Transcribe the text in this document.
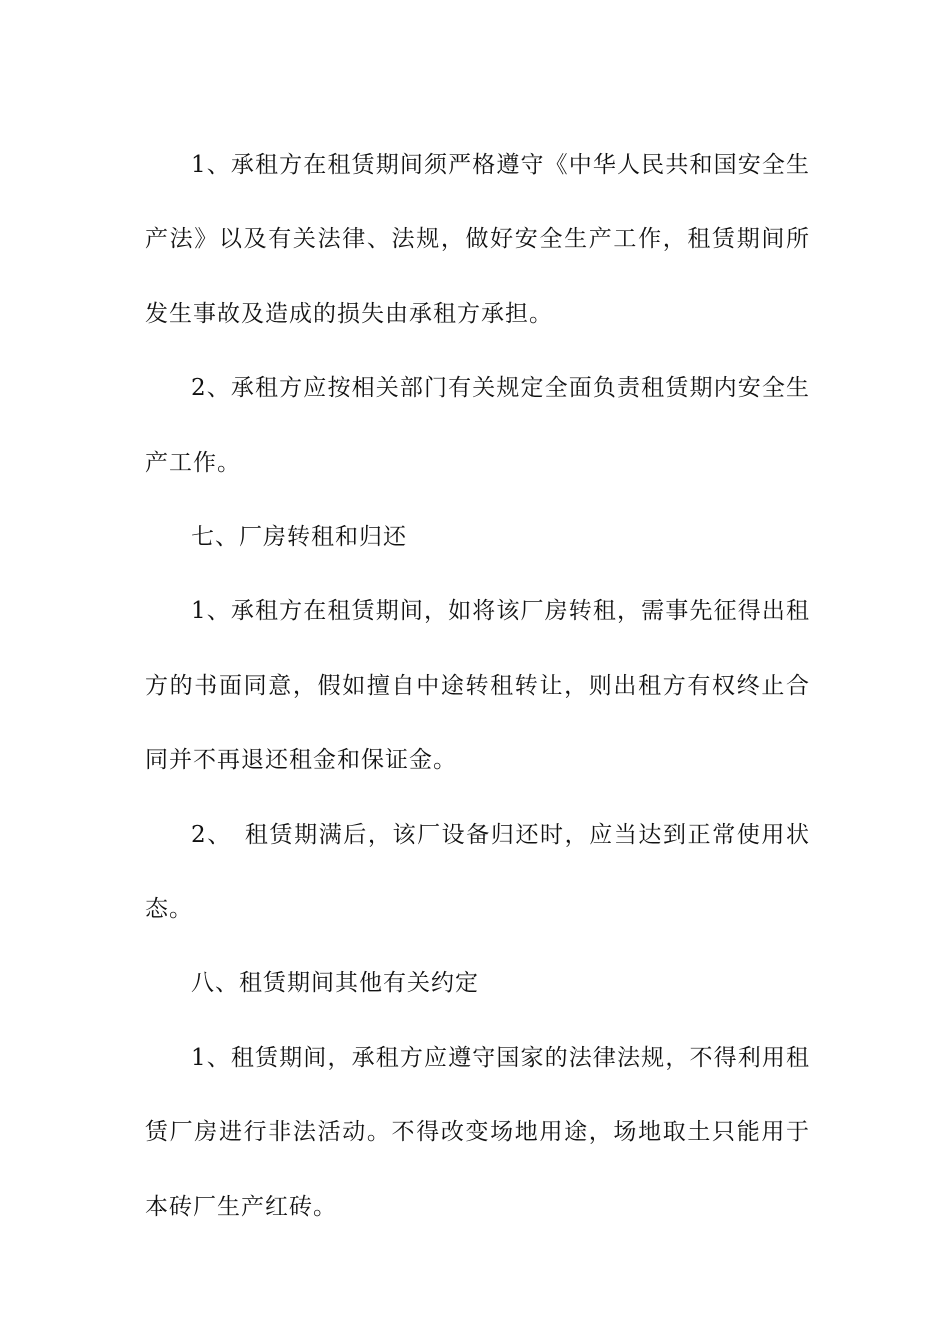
1、承租方在租赁期间须严格遵守《中华人民共和国安全生产法》以及有关法律、法规，做好安全生产工作，租赁期间所发生事故及造成的损失由承租方承担。

2、承租方应按相关部门有关规定全面负责租赁期内安全生产工作。

七、厂房转租和归还

1、承租方在租赁期间，如将该厂房转租，需事先征得出租方的书面同意，假如擅自中途转租转让，则出租方有权终止合同并不再退还租金和保证金。

2、　租赁期满后，该厂设备归还时，应当达到正常使用状态。

八、租赁期间其他有关约定

1、租赁期间，承租方应遵守国家的法律法规，不得利用租赁厂房进行非法活动。不得改变场地用途，场地取土只能用于本砖厂生产红砖。
